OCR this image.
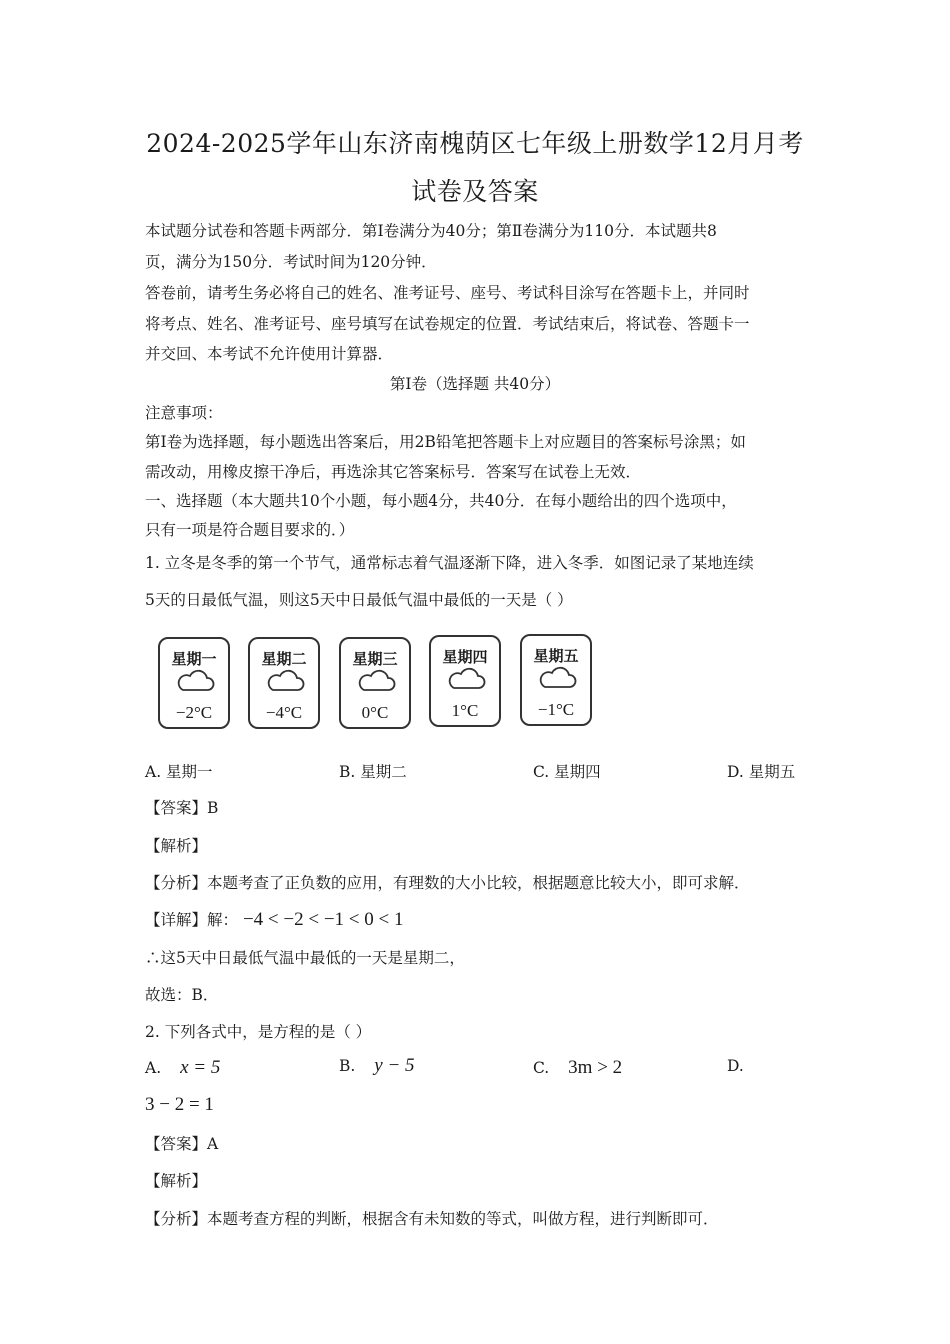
2024-2025学年山东济南槐荫区七年级上册数学12月月考
试卷及答案
本试题分试卷和答题卡两部分．第Ⅰ卷满分为40分；第Ⅱ卷满分为110分．本试题共8
页，满分为150分．考试时间为120分钟．
答卷前，请考生务必将自己的姓名、准考证号、座号、考试科目涂写在答题卡上，并同时
将考点、姓名、准考证号、座号填写在试卷规定的位置．考试结束后，将试卷、答题卡一
并交回、本考试不允许使用计算器．
第Ⅰ卷（选择题 共40分）
注意事项：
第Ⅰ卷为选择题，每小题选出答案后，用2B铅笔把答题卡上对应题目的答案标号涂黑；如
需改动，用橡皮擦干净后，再选涂其它答案标号．答案写在试卷上无效．
一、选择题（本大题共10个小题，每小题4分，共40分．在每小题给出的四个选项中，
只有一项是符合题目要求的．）
1. 立冬是冬季的第一个节气，通常标志着气温逐渐下降，进入冬季．如图记录了某地连续
5天的日最低气温，则这5天中日最低气温中最低的一天是（ ）
星期一
−2°C
星期二
−4°C
星期三
0°C
星期四
1°C
星期五
−1°C
A. 星期一	B. 星期二	C. 星期四	D. 星期五
【答案】B
【解析】
【分析】本题考查了正负数的应用，有理数的大小比较，根据题意比较大小，即可求解．
【详解】解： −4 < −2 < −1 < 0 < 1
∴这5天中日最低气温中最低的一天是星期二，
故选：B．
2. 下列各式中，是方程的是（ ）
A. x = 5	B. y − 5	C. 3m > 2	D.
3 − 2 = 1
【答案】A
【解析】
【分析】本题考查方程的判断，根据含有未知数的等式，叫做方程，进行判断即可．
